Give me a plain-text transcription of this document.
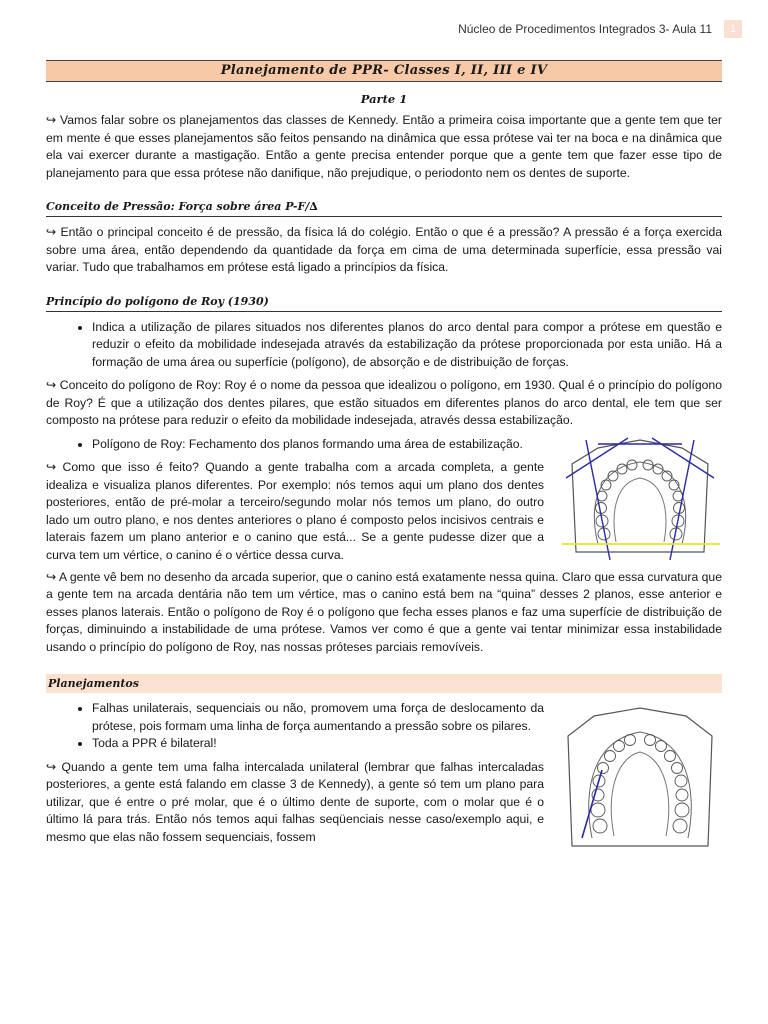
Núcleo de Procedimentos Integrados 3- Aula 11	1
Planejamento de PPR- Classes I, II, III e IV
Parte 1

↪ Vamos falar sobre os planejamentos das classes de Kennedy. Então a primeira coisa importante que a gente tem que ter em mente é que esses planejamentos são feitos pensando na dinâmica que essa prótese vai ter na boca e na dinâmica que ela vai exercer durante a mastigação. Então a gente precisa entender porque que a gente tem que fazer esse tipo de planejamento para que essa prótese não danifique, não prejudique, o periodonto nem os dentes de suporte.

Conceito de Pressão: Força sobre área P-F/∆

↪ Então o principal conceito é de pressão, da física lá do colégio. Então o que é a pressão? A pressão é a força exercida sobre uma área, então dependendo da quantidade da força em cima de uma determinada superfície, essa pressão vai variar. Tudo que trabalhamos em prótese está ligado a princípios da física.

Princípio do polígono de Roy (1930)
• Indica a utilização de pilares situados nos diferentes planos do arco dental para compor a prótese em questão e reduzir o efeito da mobilidade indesejada através da estabilização da prótese proporcionada por esta união. Há a formação de uma área ou superfície (polígono), de absorção e de distribuição de forças.

↪ Conceito do polígono de Roy: Roy é o nome da pessoa que idealizou o polígono, em 1930. Qual é o princípio do polígono de Roy? É que a utilização dos dentes pilares, que estão situados em diferentes planos do arco dental, ele tem que ser composto na prótese para reduzir o efeito da mobilidade indesejada, através dessa estabilização.

• Polígono de Roy: Fechamento dos planos formando uma área de estabilização.

↪ Como que isso é feito? Quando a gente trabalha com a arcada completa, a gente idealiza e visualiza planos diferentes. Por exemplo: nós temos aqui um plano dos dentes posteriores, então de pré-molar a terceiro/segundo molar nós temos um plano, do outro lado um outro plano, e nos dentes anteriores o plano é composto pelos incisivos centrais e laterais fazem um plano anterior e o canino que está... Se a gente pudesse dizer que a curva tem um vértice, o canino é o vértice dessa curva.

↪ A gente vê bem no desenho da arcada superior, que o canino está exatamente nessa quina. Claro que essa curvatura que a gente tem na arcada dentária não tem um vértice, mas o canino está bem na “quina” desses 2 planos, esse anterior e esses planos laterais. Então o polígono de Roy é o polígono que fecha esses planos e faz uma superfície de distribuição de forças, diminuindo a instabilidade de uma prótese. Vamos ver como é que a gente vai tentar minimizar essa instabilidade usando o princípio do polígono de Roy, nas nossas próteses parciais removíveis.

Planejamentos
• Falhas unilaterais, sequenciais ou não, promovem uma força de deslocamento da prótese, pois formam uma linha de força aumentando a pressão sobre os pilares.
• Toda a PPR é bilateral!

↪ Quando a gente tem uma falha intercalada unilateral (lembrar que falhas intercaladas posteriores, a gente está falando em classe 3 de Kennedy), a gente só tem um plano para utilizar, que é entre o pré molar, que é o último dente de suporte, com o molar que é o último lá para trás. Então nós temos aqui falhas seqüenciais nesse caso/exemplo aqui, e mesmo que elas não fossem sequenciais, fossem
